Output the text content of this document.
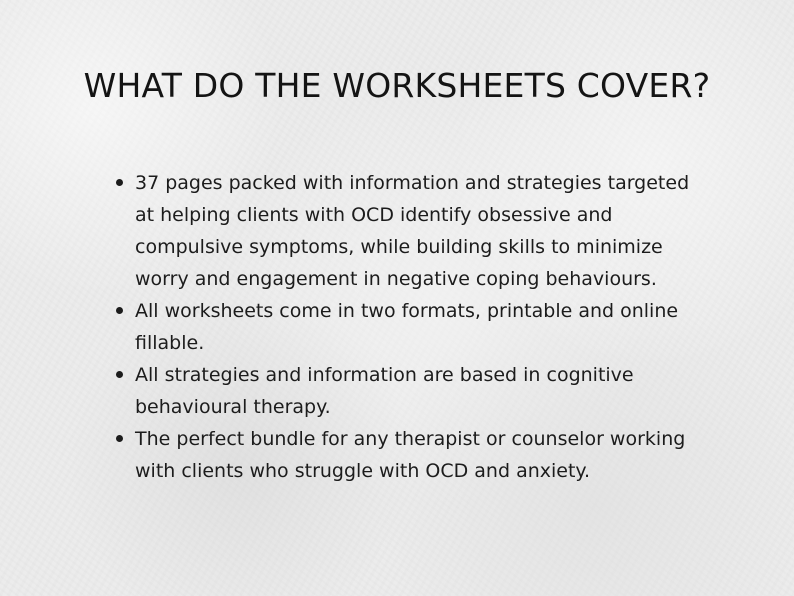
WHAT DO THE WORKSHEETS COVER?
37 pages packed with information and strategies targeted at helping clients with OCD identify obsessive and compulsive symptoms, while building skills to minimize worry and engagement in negative coping behaviours.
All worksheets come in two formats, printable and online fillable.
All strategies and information are based in cognitive behavioural therapy.
The perfect bundle for any therapist or counselor working with clients who struggle with OCD and anxiety.
